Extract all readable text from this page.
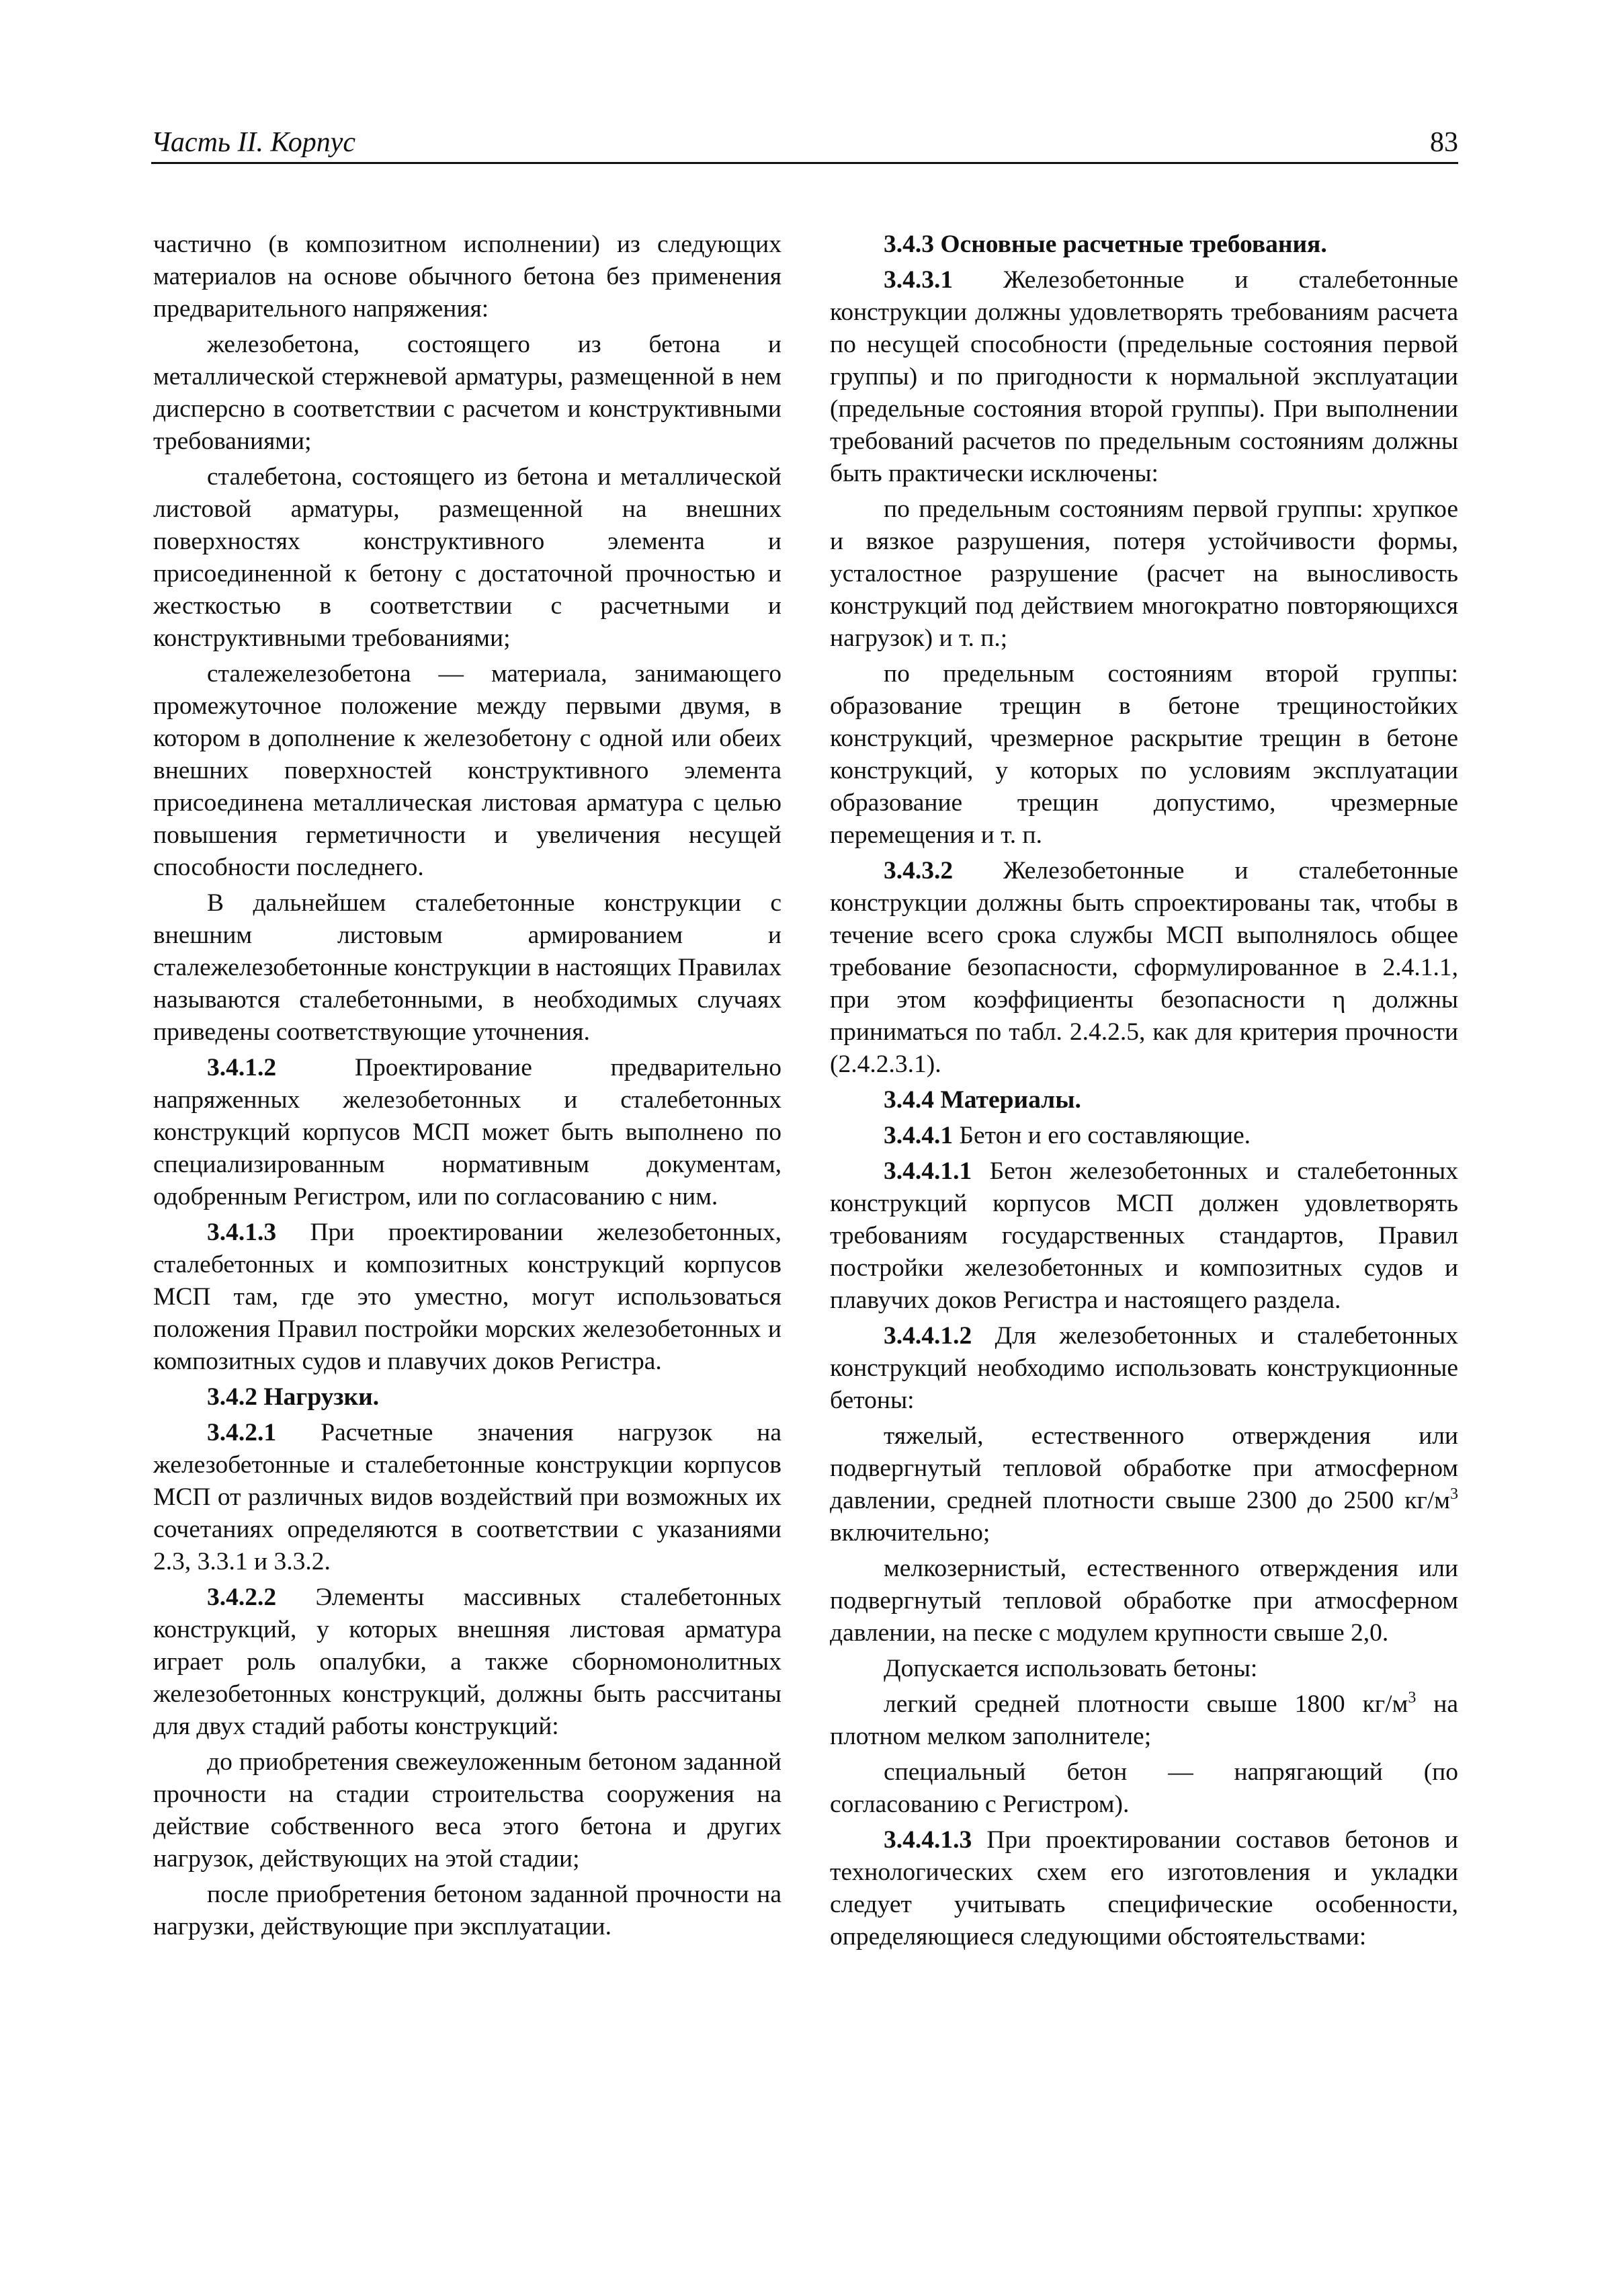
Часть II. Корпус	83

частично (в композитном исполнении) из следующих материалов на основе обычного бетона без применения предварительного напряжения:

железобетона, состоящего из бетона и металлической стержневой арматуры, размещенной в нем дисперсно в соответствии с расчетом и конструктивными требованиями;

сталебетона, состоящего из бетона и металлической листовой арматуры, размещенной на внешних поверхностях конструктивного элемента и присоединенной к бетону с достаточной прочностью и жесткостью в соответствии с расчетными и конструктивными требованиями;

сталежелезобетона — материала, занимающего промежуточное положение между первыми двумя, в котором в дополнение к железобетону с одной или обеих внешних поверхностей конструктивного элемента присоединена металлическая листовая арматура с целью повышения герметичности и увеличения несущей способности последнего.

В дальнейшем сталебетонные конструкции с внешним листовым армированием и сталежелезобетонные конструкции в настоящих Правилах называются сталебетонными, в необходимых случаях приведены соответствующие уточнения.

3.4.1.2 Проектирование предварительно напряженных железобетонных и сталебетонных конструкций корпусов МСП может быть выполнено по специализированным нормативным документам, одобренным Регистром, или по согласованию с ним.

3.4.1.3 При проектировании железобетонных, сталебетонных и композитных конструкций корпусов МСП там, где это уместно, могут использоваться положения Правил постройки морских железобетонных и композитных судов и плавучих доков Регистра.

3.4.2 Нагрузки.

3.4.2.1 Расчетные значения нагрузок на железобетонные и сталебетонные конструкции корпусов МСП от различных видов воздействий при возможных их сочетаниях определяются в соответствии с указаниями 2.3, 3.3.1 и 3.3.2.

3.4.2.2 Элементы массивных сталебетонных конструкций, у которых внешняя листовая арматура играет роль опалубки, а также сборномонолитных железобетонных конструкций, должны быть рассчитаны для двух стадий работы конструкций:

до приобретения свежеуложенным бетоном заданной прочности на стадии строительства сооружения на действие собственного веса этого бетона и других нагрузок, действующих на этой стадии;

после приобретения бетоном заданной прочности на нагрузки, действующие при эксплуатации.

3.4.3 Основные расчетные требования.

3.4.3.1 Железобетонные и сталебетонные конструкции должны удовлетворять требованиям расчета по несущей способности (предельные состояния первой группы) и по пригодности к нормальной эксплуатации (предельные состояния второй группы). При выполнении требований расчетов по предельным состояниям должны быть практически исключены:

по предельным состояниям первой группы: хрупкое и вязкое разрушения, потеря устойчивости формы, усталостное разрушение (расчет на выносливость конструкций под действием многократно повторяющихся нагрузок) и т. п.;

по предельным состояниям второй группы: образование трещин в бетоне трещиностойких конструкций, чрезмерное раскрытие трещин в бетоне конструкций, у которых по условиям эксплуатации образование трещин допустимо, чрезмерные перемещения и т. п.

3.4.3.2 Железобетонные и сталебетонные конструкции должны быть спроектированы так, чтобы в течение всего срока службы МСП выполнялось общее требование безопасности, сформулированное в 2.4.1.1, при этом коэффициенты безопасности η должны приниматься по табл. 2.4.2.5, как для критерия прочности (2.4.2.3.1).

3.4.4 Материалы.

3.4.4.1 Бетон и его составляющие.

3.4.4.1.1 Бетон железобетонных и сталебетонных конструкций корпусов МСП должен удовлетворять требованиям государственных стандартов, Правил постройки железобетонных и композитных судов и плавучих доков Регистра и настоящего раздела.

3.4.4.1.2 Для железобетонных и сталебетонных конструкций необходимо использовать конструкционные бетоны:

тяжелый, естественного отверждения или подвергнутый тепловой обработке при атмосферном давлении, средней плотности свыше 2300 до 2500 $кг/м^3$ включительно;

мелкозернистый, естественного отверждения или подвергнутый тепловой обработке при атмосферном давлении, на песке с модулем крупности свыше 2,0.

Допускается использовать бетоны:

легкий средней плотности свыше 1800 $кг/м^3$ на плотном мелком заполнителе;

специальный бетон — напрягающий (по согласованию с Регистром).

3.4.4.1.3 При проектировании составов бетонов и технологических схем его изготовления и укладки следует учитывать специфические особенности, определяющиеся следующими обстоятельствами:
